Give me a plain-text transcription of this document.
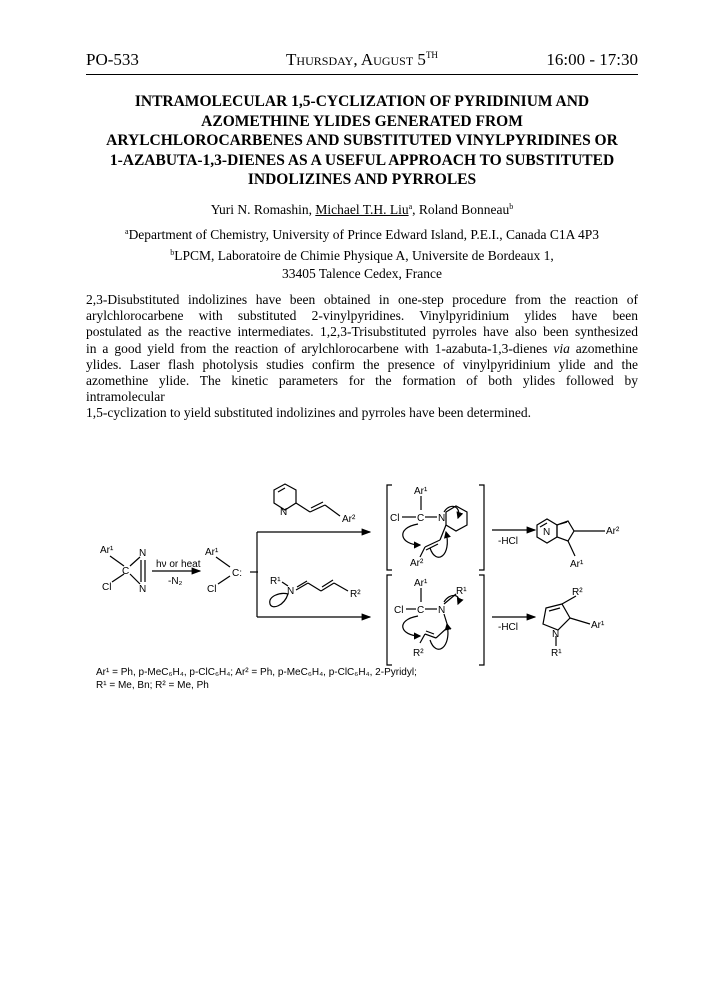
PO-533	Thursday, August 5TH	16:00 - 17:30
INTRAMOLECULAR 1,5-CYCLIZATION OF PYRIDINIUM AND
AZOMETHINE YLIDES GENERATED FROM
ARYLCHLOROCARBENES AND SUBSTITUTED VINYLPYRIDINES OR
1-AZABUTA-1,3-DIENES AS A USEFUL APPROACH TO SUBSTITUTED
INDOLIZINES AND PYRROLES
Yuri N. Romashin, Michael T.H. Liu$^a$, Roland Bonneau$^b$
$^a$Department of Chemistry, University of Prince Edward Island, P.E.I., Canada C1A 4P3
$^b$LPCM, Laboratoire de Chimie Physique A, Universite de Bordeaux 1,
33405 Talence Cedex, France
2,3-Disubstituted indolizines have been obtained in one-step procedure from the reaction of
arylchlorocarbene with substituted 2-vinylpyridines. Vinylpyridinium ylides have been
postulated as the reactive intermediates. 1,2,3-Trisubstituted pyrroles have also been synthesized
in a good yield from the reaction of arylchlorocarbene with 1-azabuta-1,3-dienes via azomethine
ylides. Laser flash photolysis studies confirm the presence of vinylpyridinium ylide and the
azomethine ylide. The kinetic parameters for the formation of both ylides followed by
intramolecular
1,5-cyclization to yield substituted indolizines and pyrroles have been determined.
Ar¹
Cl
C
N
N
hν or heat
-N₂
Ar¹
Cl
C:
N
Ar²
R¹
N	R²
Ar¹
Cl C N
Ar²
-HCl
N	Ar²
Ar¹
Ar¹
Cl C N
R¹
R²
-HCl
R²
Ar¹
N
R¹
Ar¹ = Ph, p-MeC₆H₄, p-ClC₆H₄; Ar² = Ph, p-MeC₆H₄, p-ClC₆H₄, 2-Pyridyl;
R¹ = Me, Bn; R² = Me, Ph
